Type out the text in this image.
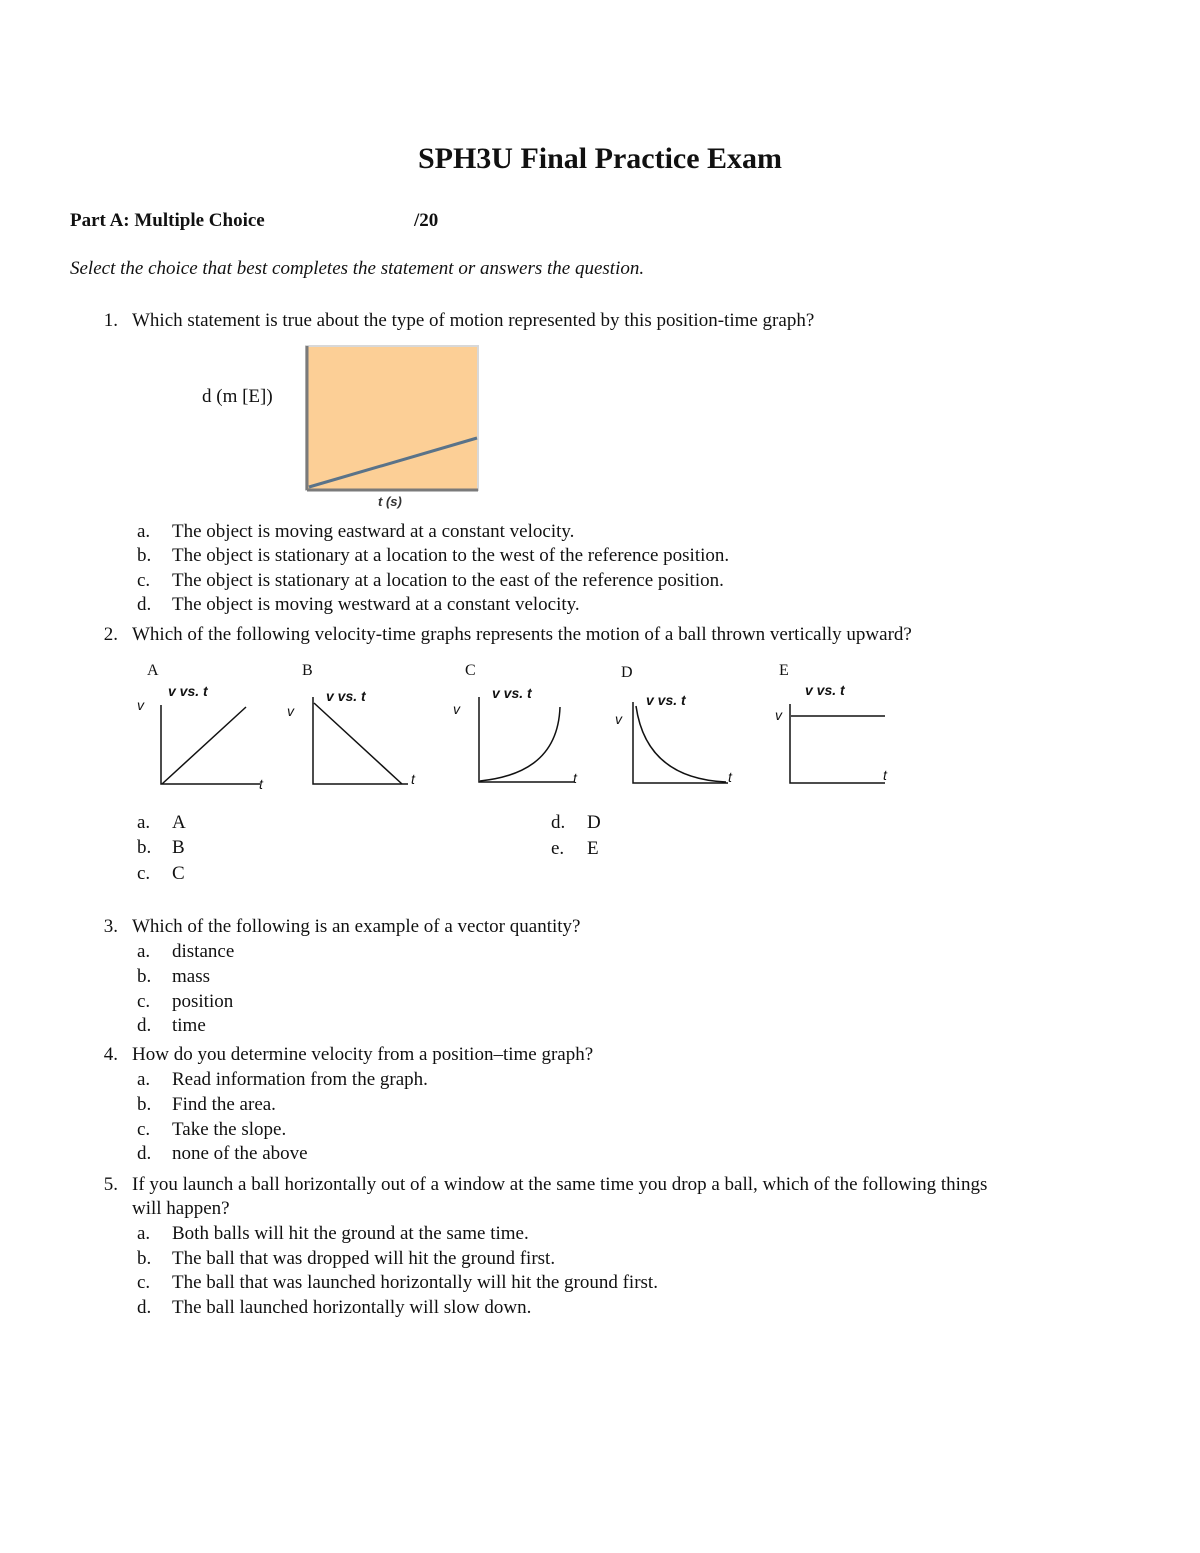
SPH3U Final Practice Exam
Part A: Multiple Choice	/20
Select the choice that best completes the statement or answers the question.
1. Which statement is true about the type of motion represented by this position-time graph?
d (m [E])
t (s)
a.	The object is moving eastward at a constant velocity.
b.	The object is stationary at a location to the west of the reference position.
c.	The object is stationary at a location to the east of the reference position.
d.	The object is moving westward at a constant velocity.
2. Which of the following velocity-time graphs represents the motion of a ball thrown vertically upward?
A
v vs. t
v
t
B
v vs. t
v
t
C
v vs. t
v
t
D
v vs. t
v
t
E
v vs. t
v
t
a.	A
b.	B
c.	C
d.	D
e.	E
3. Which of the following is an example of a vector quantity?
a.	distance
b.	mass
c.	position
d.	time
4. How do you determine velocity from a position–time graph?
a.	Read information from the graph.
b.	Find the area.
c.	Take the slope.
d.	none of the above
5. If you launch a ball horizontally out of a window at the same time you drop a ball, which of the following things
will happen?
a.	Both balls will hit the ground at the same time.
b.	The ball that was dropped will hit the ground first.
c.	The ball that was launched horizontally will hit the ground first.
d.	The ball launched horizontally will slow down.
